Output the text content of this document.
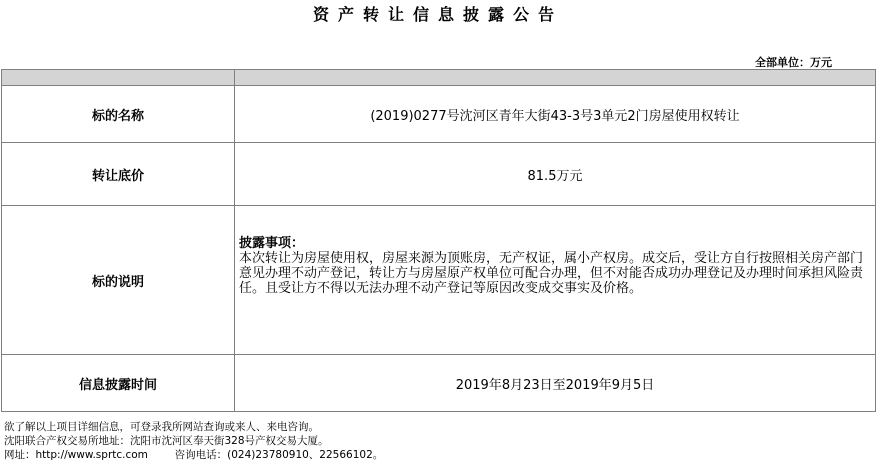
资产转让信息披露公告
全部单位：万元

标的名称	(2019)0277号沈河区青年大街43-3号3单元2门房屋使用权转让
转让底价	81.5万元
标的说明	披露事项：
本次转让为房屋使用权，房屋来源为顶账房，无产权证，属小产权房。成交后，受让方自行按照相关房产部门意见办理不动产登记，转让方与房屋原产权单位可配合办理，但不对能否成功办理登记及办理时间承担风险责任。且受让方不得以无法办理不动产登记等原因改变成交事实及价格。

信息披露时间	2019年8月23日至2019年9月5日
欲了解以上项目详细信息，可登录我所网站查询或来人、来电咨询。
沈阳联合产权交易所地址：沈阳市沈河区奉天街328号产权交易大厦。
网址：http://www.sprtc.com	咨询电话：(024)23780910、22566102。
